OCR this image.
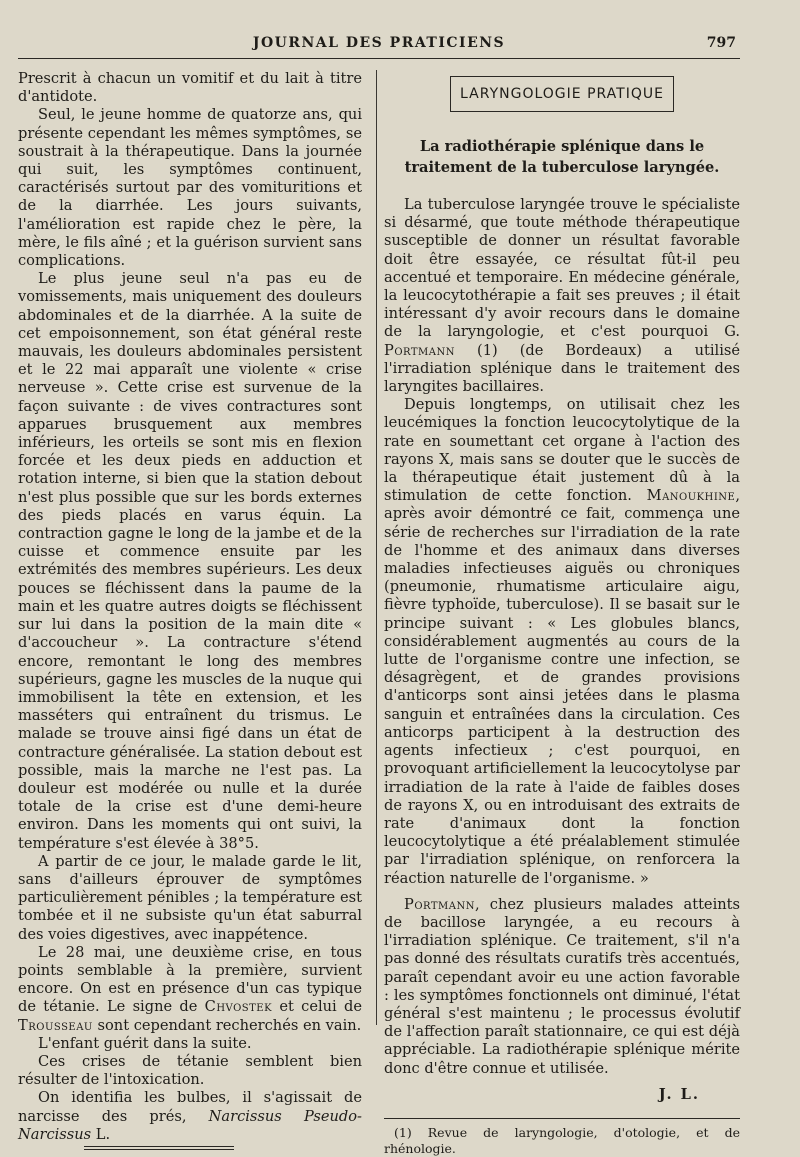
JOURNAL DES PRATICIENS	797

Prescrit à chacun un vomitif et du lait à titre d'antidote.

Seul, le jeune homme de quatorze ans, qui présente cependant les mêmes symptômes, se soustrait à la thérapeutique. Dans la journée qui suit, les symptômes continuent, caractérisés surtout par des vomituritions et de la diarrhée. Les jours suivants, l'amélioration est rapide chez le père, la mère, le fils aîné ; et la guérison survient sans complications.

Le plus jeune seul n'a pas eu de vomissements, mais uniquement des douleurs abdominales et de la diarrhée. A la suite de cet empoisonnement, son état général reste mauvais, les douleurs abdominales persistent et le 22 mai apparaît une violente « crise nerveuse ». Cette crise est survenue de la façon suivante : de vives contractures sont apparues brusquement aux membres inférieurs, les orteils se sont mis en flexion forcée et les deux pieds en adduction et rotation interne, si bien que la station debout n'est plus possible que sur les bords externes des pieds placés en varus équin. La contraction gagne le long de la jambe et de la cuisse et commence ensuite par les extrémités des membres supérieurs. Les deux pouces se fléchissent dans la paume de la main et les quatre autres doigts se fléchissent sur lui dans la position de la main dite « d'accoucheur ». La contracture s'étend encore, remontant le long des membres supérieurs, gagne les muscles de la nuque qui immobilisent la tête en extension, et les masséters qui entraînent du trismus. Le malade se trouve ainsi figé dans un état de contracture généralisée. La station debout est possible, mais la marche ne l'est pas. La douleur est modérée ou nulle et la durée totale de la crise est d'une demi-heure environ. Dans les moments qui ont suivi, la température s'est élevée à 38°5.

A partir de ce jour, le malade garde le lit, sans d'ailleurs éprouver de symptômes particulièrement pénibles ; la température est tombée et il ne subsiste qu'un état saburral des voies digestives, avec inappétence.

Le 28 mai, une deuxième crise, en tous points semblable à la première, survient encore. On est en présence d'un cas typique de tétanie. Le signe de Chvostek et celui de Trousseau sont cependant recherchés en vain.

L'enfant guérit dans la suite.

Ces crises de tétanie semblent bien résulter de l'intoxication.

On identifia les bulbes, il s'agissait de narcisse des prés, Narcissus Pseudo-Narcissus L.

LARYNGOLOGIE PRATIQUE
La radiothérapie splénique dans le traitement de la tuberculose laryngée.

La tuberculose laryngée trouve le spécialiste si désarmé, que toute méthode thérapeutique susceptible de donner un résultat favorable doit être essayée, ce résultat fût-il peu accentué et temporaire. En médecine générale, la leucocytothérapie a fait ses preuves ; il était intéressant d'y avoir recours dans le domaine de la laryngologie, et c'est pourquoi G. Portmann (1) (de Bordeaux) a utilisé l'irradiation splénique dans le traitement des laryngites bacillaires.

Depuis longtemps, on utilisait chez les leucémiques la fonction leucocytolytique de la rate en soumettant cet organe à l'action des rayons X, mais sans se douter que le succès de la thérapeutique était justement dû à la stimulation de cette fonction. Manoukhine, après avoir démontré ce fait, commença une série de recherches sur l'irradiation de la rate de l'homme et des animaux dans diverses maladies infectieuses aiguës ou chroniques (pneumonie, rhumatisme articulaire aigu, fièvre typhoïde, tuberculose). Il se basait sur le principe suivant : « Les globules blancs, considérablement augmentés au cours de la lutte de l'organisme contre une infection, se désagrègent, et de grandes provisions d'anticorps sont ainsi jetées dans le plasma sanguin et entraînées dans la circulation. Ces anticorps participent à la destruction des agents infectieux ; c'est pourquoi, en provoquant artificiellement la leucocytolyse par irradiation de la rate à l'aide de faibles doses de rayons X, ou en introduisant des extraits de rate d'animaux dont la fonction leucocytolytique a été préalablement stimulée par l'irradiation splénique, on renforcera la réaction naturelle de l'organisme. »

Portmann, chez plusieurs malades atteints de bacillose laryngée, a eu recours à l'irradiation splénique. Ce traitement, s'il n'a pas donné des résultats curatifs très accentués, paraît cependant avoir eu une action favorable : les symptômes fonctionnels ont diminué, l'état général s'est maintenu ; le processus évolutif de l'affection paraît stationnaire, ce qui est déjà appréciable. La radiothérapie splénique mérite donc d'être connue et utilisée.

J. L.
(1) Revue de laryngologie, d'otologie, et de rhénologie.
